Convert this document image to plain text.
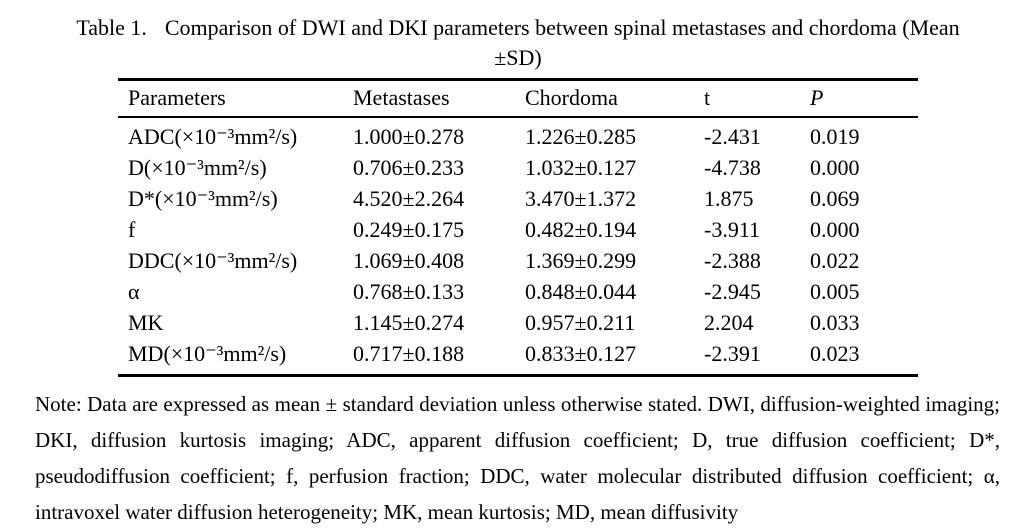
Table 1. Comparison of DWI and DKI parameters between spinal metastases and chordoma (Mean
±SD)
Parameters	Metastases	Chordoma	t	P
ADC(×10⁻³mm²/s)	1.000±0.278	1.226±0.285	-2.431	0.019
D(×10⁻³mm²/s)	0.706±0.233	1.032±0.127	-4.738	0.000
D*(×10⁻³mm²/s)	4.520±2.264	3.470±1.372	1.875	0.069
f	0.249±0.175	0.482±0.194	-3.911	0.000
DDC(×10⁻³mm²/s)	1.069±0.408	1.369±0.299	-2.388	0.022
α	0.768±0.133	0.848±0.044	-2.945	0.005
MK	1.145±0.274	0.957±0.211	2.204	0.033
MD(×10⁻³mm²/s)	0.717±0.188	0.833±0.127	-2.391	0.023
Note: Data are expressed as mean ± standard deviation unless otherwise stated. DWI, diffusion-weighted imaging; DKI, diffusion kurtosis imaging; ADC, apparent diffusion coefficient; D, true diffusion coefficient; D*, pseudodiffusion coefficient; f, perfusion fraction; DDC, water molecular distributed diffusion coefficient; α, intravoxel water diffusion heterogeneity; MK, mean kurtosis; MD, mean diffusivity
